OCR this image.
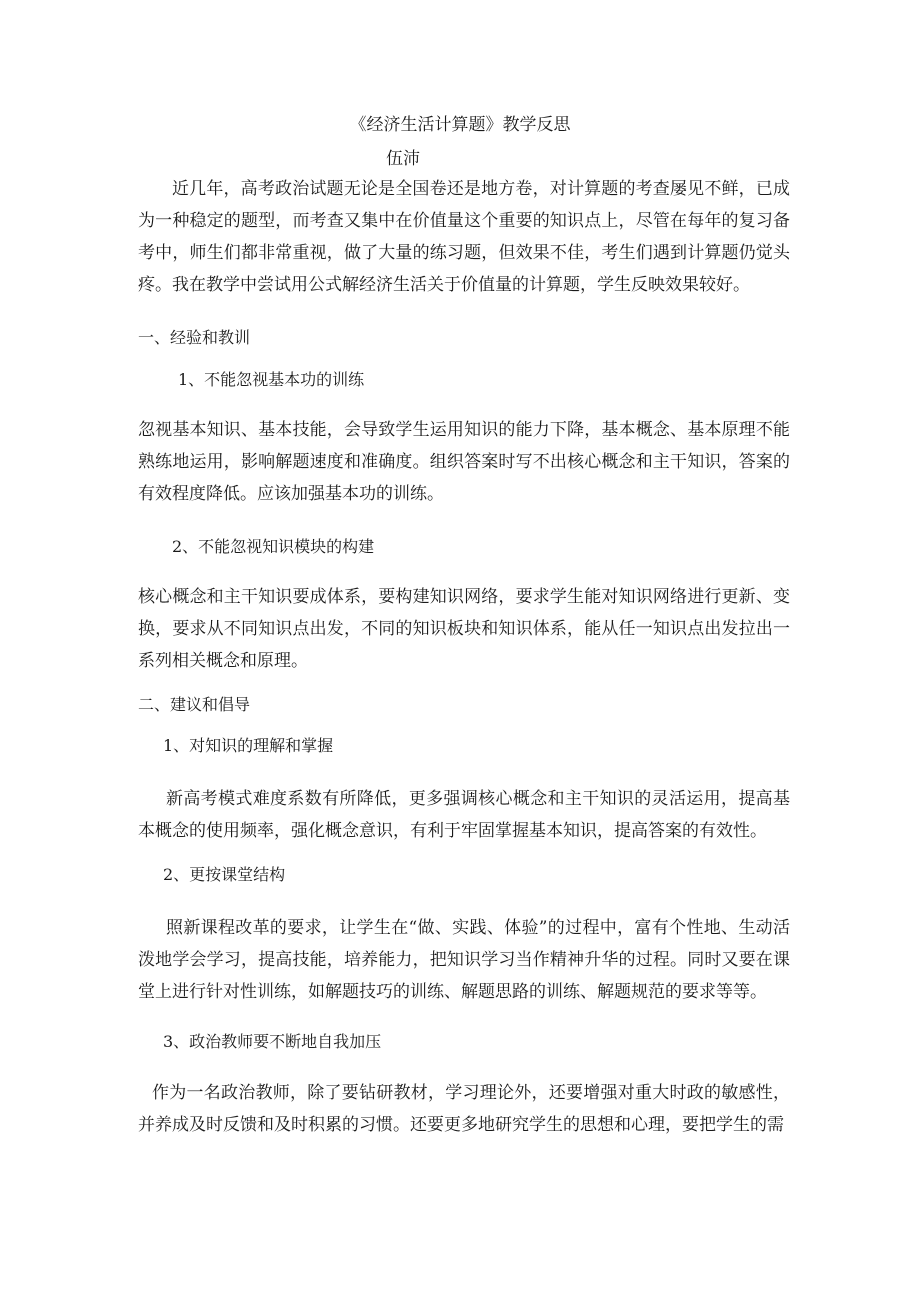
《经济生活计算题》教学反思
伍沛

近几年，高考政治试题无论是全国卷还是地方卷，对计算题的考查屡见不鲜，已成为一种稳定的题型，而考查又集中在价值量这个重要的知识点上，尽管在每年的复习备考中，师生们都非常重视，做了大量的练习题，但效果不佳，考生们遇到计算题仍觉头疼。我在教学中尝试用公式解经济生活关于价值量的计算题，学生反映效果较好。

一、经验和教训
1、不能忽视基本功的训练

忽视基本知识、基本技能，会导致学生运用知识的能力下降，基本概念、基本原理不能熟练地运用，影响解题速度和准确度。组织答案时写不出核心概念和主干知识，答案的有效程度降低。应该加强基本功的训练。

2、不能忽视知识模块的构建

核心概念和主干知识要成体系，要构建知识网络，要求学生能对知识网络进行更新、变换，要求从不同知识点出发，不同的知识板块和知识体系，能从任一知识点出发拉出一系列相关概念和原理。

二、建议和倡导
1、对知识的理解和掌握

新高考模式难度系数有所降低，更多强调核心概念和主干知识的灵活运用，提高基本概念的使用频率，强化概念意识，有利于牢固掌握基本知识，提高答案的有效性。

2、更按课堂结构

照新课程改革的要求，让学生在“做、实践、体验”的过程中，富有个性地、生动活泼地学会学习，提高技能，培养能力，把知识学习当作精神升华的过程。同时又要在课堂上进行针对性训练，如解题技巧的训练、解题思路的训练、解题规范的要求等等。

3、政治教师要不断地自我加压

作为一名政治教师，除了要钻研教材，学习理论外，还要增强对重大时政的敏感性，并养成及时反馈和及时积累的习惯。还要更多地研究学生的思想和心理，要把学生的需
